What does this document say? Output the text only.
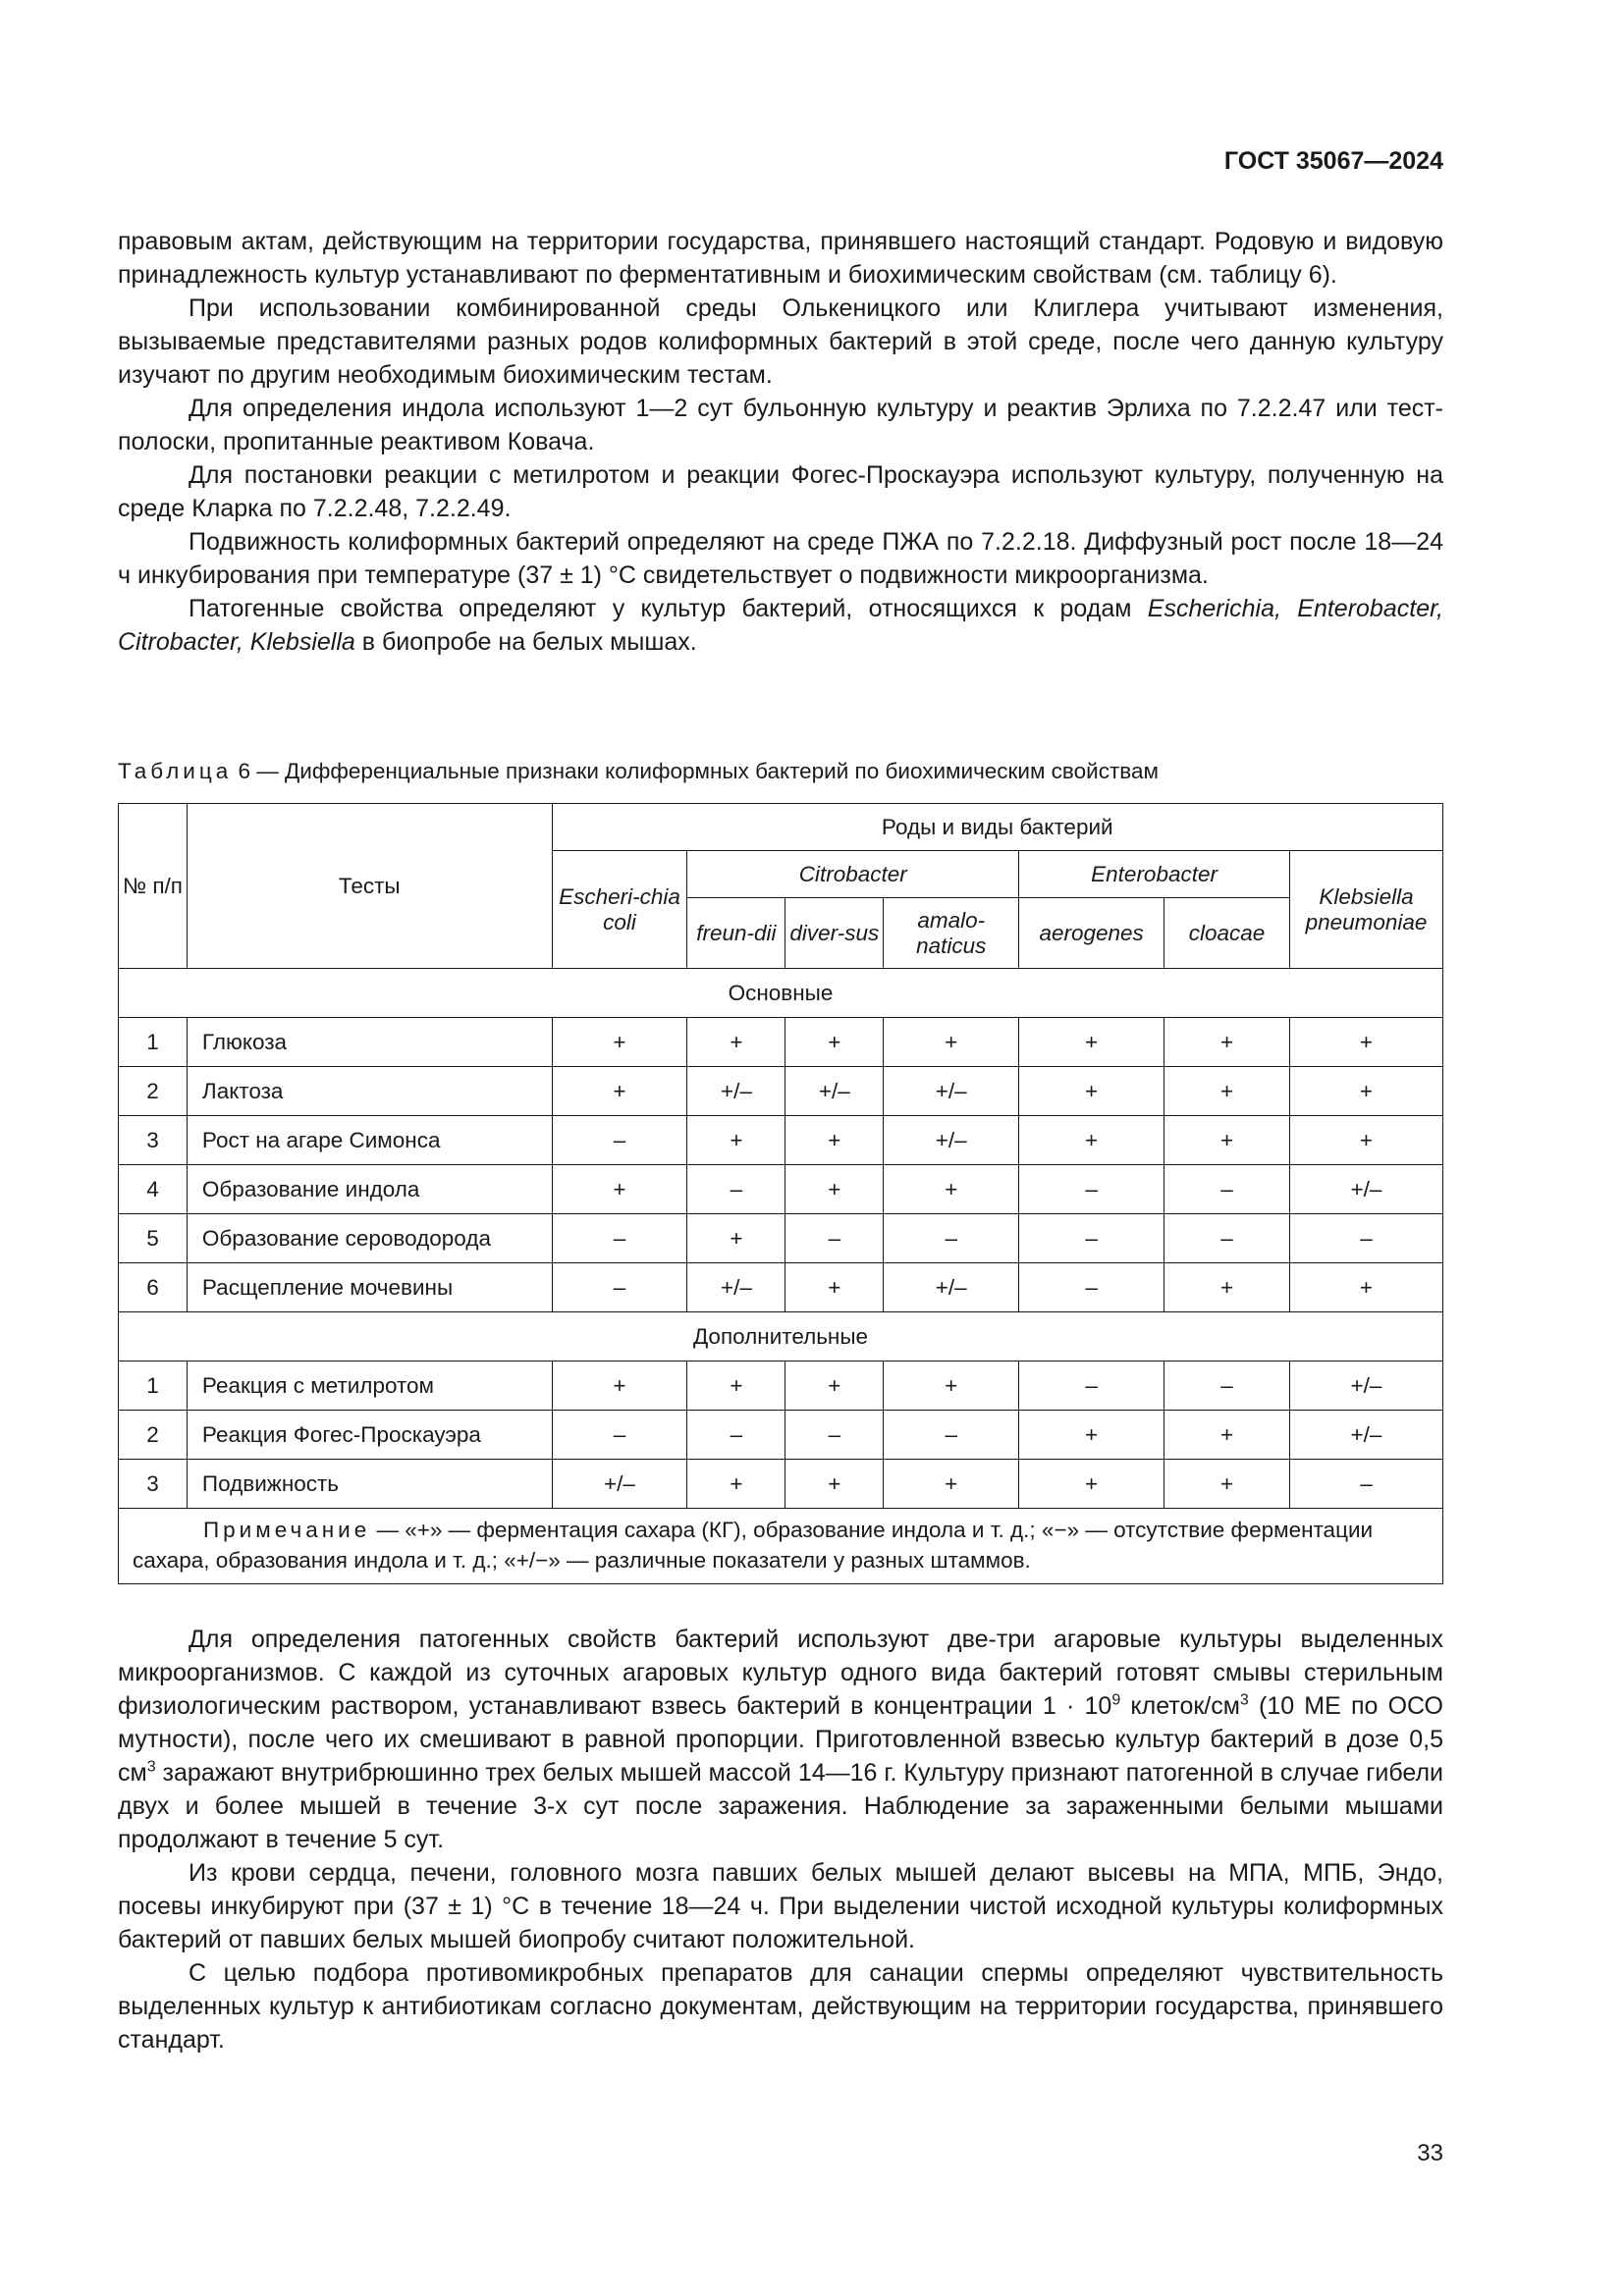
ГОСТ 35067—2024

правовым актам, действующим на территории государства, принявшего настоящий стандарт. Родовую и видовую принадлежность культур устанавливают по ферментативным и биохимическим свойствам (см. таблицу 6).

При использовании комбинированной среды Олькеницкого или Клиглера учитывают изменения, вызываемые представителями разных родов колиформных бактерий в этой среде, после чего данную культуру изучают по другим необходимым биохимическим тестам.

Для определения индола используют 1—2 сут бульонную культуру и реактив Эрлиха по 7.2.2.47 или тест-полоски, пропитанные реактивом Ковача.

Для постановки реакции с метилротом и реакции Фогес-Проскауэра используют культуру, полученную на среде Кларка по 7.2.2.48, 7.2.2.49.

Подвижность колиформных бактерий определяют на среде ПЖА по 7.2.2.18. Диффузный рост после 18—24 ч инкубирования при температуре (37 ± 1) °С свидетельствует о подвижности микроорганизма.

Патогенные свойства определяют у культур бактерий, относящихся к родам Escherichia, Enterobacter, Citrobacter, Klebsiella в биопробе на белых мышах.

Таблица 6 — Дифференциальные признаки колиформных бактерий по биохимическим свойствам
№ п/п	Тесты	Роды и виды бактерий						
		Escheri-chia coli	Citrobacter			Enterobacter		Klebsiella pneumoniae
			freun-dii	diver-sus	amalo-naticus	aerogenes	cloacae	
Основные								
1	Глюкоза	+	+	+	+	+	+	+
2	Лактоза	+	+/–	+/–	+/–	+	+	+
3	Рост на агаре Симонса	–	+	+	+/–	+	+	+
4	Образование индола	+	–	+	+	–	–	+/–
5	Образование сероводорода	–	+	–	–	–	–	–
6	Расщепление мочевины	–	+/–	+	+/–	–	+	+
Дополнительные								
1	Реакция с метилротом	+	+	+	+	–	–	+/–
2	Реакция Фогес-Проскауэра	–	–	–	–	+	+	+/–
3	Подвижность	+/–	+	+	+	+	+	–
Примечание — «+» — ферментация сахара (КГ), образование индола и т. д.; «−» — отсутствие ферментации сахара, образования индола и т. д.; «+/−» — различные показатели у разных штаммов.								

Для определения патогенных свойств бактерий используют две-три агаровые культуры выделенных микроорганизмов. С каждой из суточных агаровых культур одного вида бактерий готовят смывы стерильным физиологическим раствором, устанавливают взвесь бактерий в концентрации $1 \cdot 10^9$ клеток/$см^3$ (10 МЕ по ОСО мутности), после чего их смешивают в равной пропорции. Приготовленной взвесью культур бактерий в дозе 0,5 $см^3$ заражают внутрибрюшинно трех белых мышей массой 14—16 г. Культуру признают патогенной в случае гибели двух и более мышей в течение 3-х сут после заражения. Наблюдение за зараженными белыми мышами продолжают в течение 5 сут.

Из крови сердца, печени, головного мозга павших белых мышей делают высевы на МПА, МПБ, Эндо, посевы инкубируют при (37 ± 1) °С в течение 18—24 ч. При выделении чистой исходной культуры колиформных бактерий от павших белых мышей биопробу считают положительной.

С целью подбора противомикробных препаратов для санации спермы определяют чувствительность выделенных культур к антибиотикам согласно документам, действующим на территории государства, принявшего стандарт.

33
